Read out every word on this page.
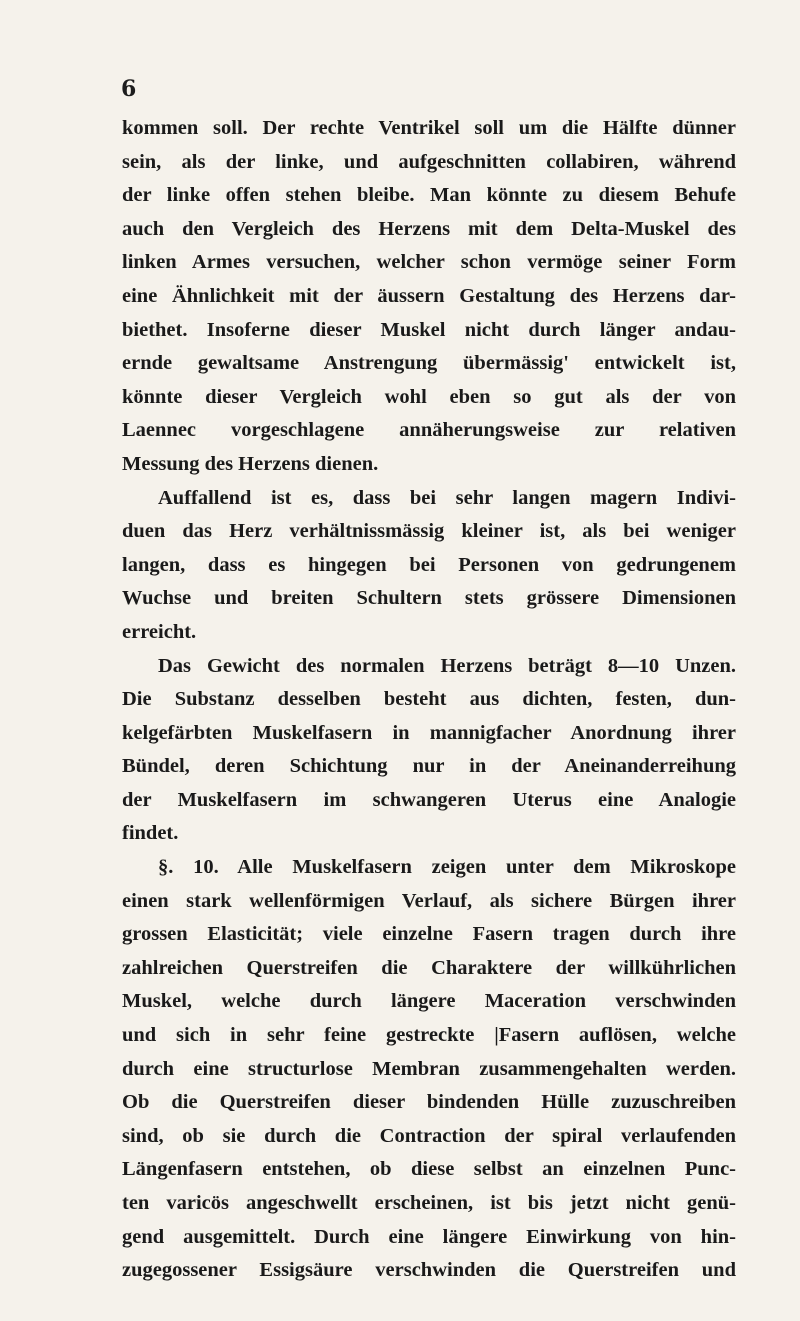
6
kommen soll. Der rechte Ventrikel soll um die Hälfte dünner
sein, als der linke, und aufgeschnitten collabiren, während
der linke offen stehen bleibe. Man könnte zu diesem Behufe
auch den Vergleich des Herzens mit dem Delta-Muskel des
linken Armes versuchen, welcher schon vermöge seiner Form
eine Ähnlichkeit mit der äussern Gestaltung des Herzens dar-
biethet. Insoferne dieser Muskel nicht durch länger andau-
ernde gewaltsame Anstrengung übermässig' entwickelt ist,
könnte dieser Vergleich wohl eben so gut als der von
Laennec vorgeschlagene annäherungsweise zur relativen
Messung des Herzens dienen.
Auffallend ist es, dass bei sehr langen magern Indivi-
duen das Herz verhältnissmässig kleiner ist, als bei weniger
langen, dass es hingegen bei Personen von gedrungenem
Wuchse und breiten Schultern stets grössere Dimensionen
erreicht.
Das Gewicht des normalen Herzens beträgt 8—10 Unzen.
Die Substanz desselben besteht aus dichten, festen, dun-
kelgefärbten Muskelfasern in mannigfacher Anordnung ihrer
Bündel, deren Schichtung nur in der Aneinanderreihung
der Muskelfasern im schwangeren Uterus eine Analogie
findet.
§. 10. Alle Muskelfasern zeigen unter dem Mikroskope
einen stark wellenförmigen Verlauf, als sichere Bürgen ihrer
grossen Elasticität; viele einzelne Fasern tragen durch ihre
zahlreichen Querstreifen die Charaktere der willkührlichen
Muskel, welche durch längere Maceration verschwinden
und sich in sehr feine gestreckte |Fasern auflösen, welche
durch eine structurlose Membran zusammengehalten werden.
Ob die Querstreifen dieser bindenden Hülle zuzuschreiben
sind, ob sie durch die Contraction der spiral verlaufenden
Längenfasern entstehen, ob diese selbst an einzelnen Punc-
ten varicös angeschwellt erscheinen, ist bis jetzt nicht genü-
gend ausgemittelt. Durch eine längere Einwirkung von hin-
zugegossener Essigsäure verschwinden die Querstreifen und
